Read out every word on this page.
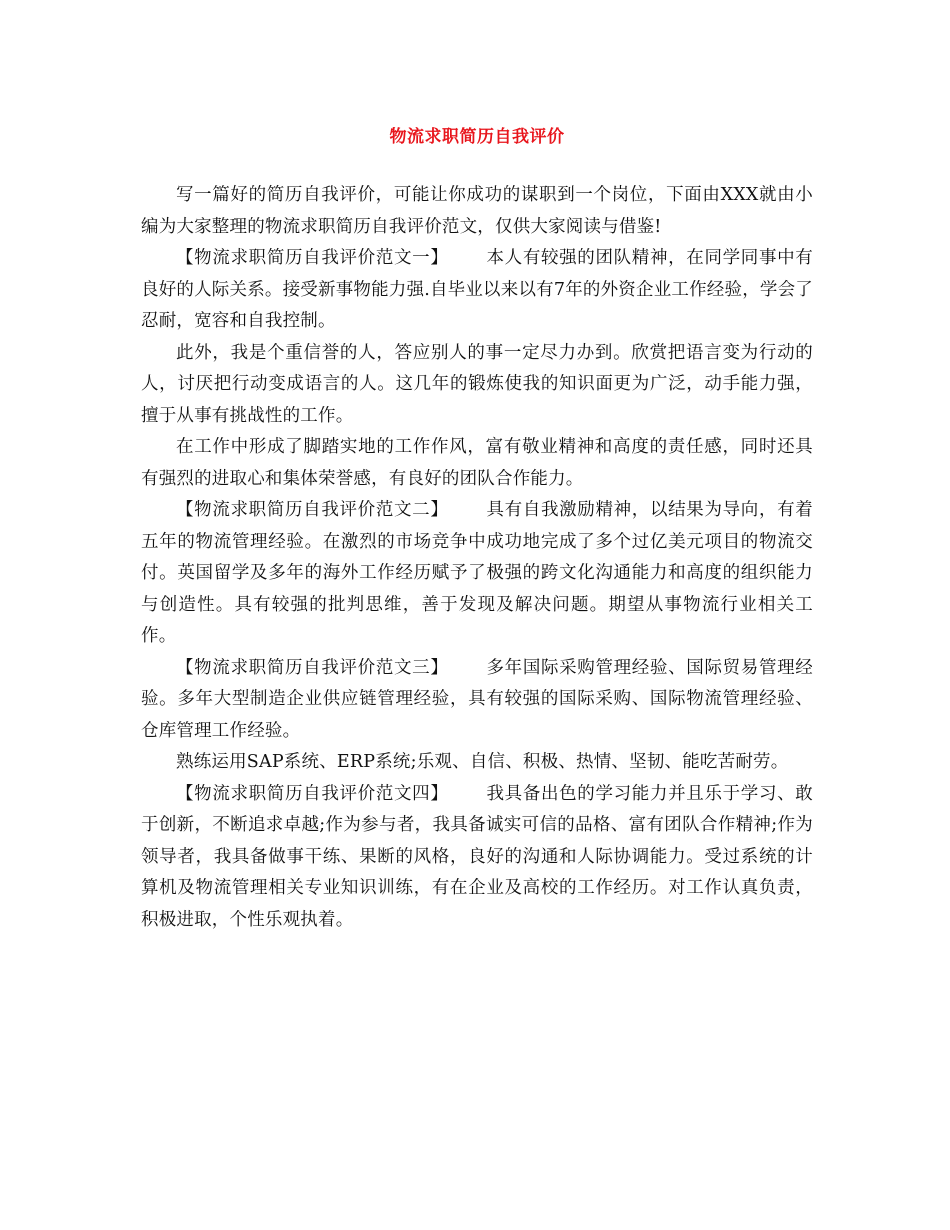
物流求职简历自我评价

写一篇好的简历自我评价，可能让你成功的谋职到一个岗位，下面由XXX就由小编为大家整理的物流求职简历自我评价范文，仅供大家阅读与借鉴!

【物流求职简历自我评价范文一】 本人有较强的团队精神，在同学同事中有良好的人际关系。接受新事物能力强.自毕业以来以有7年的外资企业工作经验，学会了忍耐，宽容和自我控制。

此外，我是个重信誉的人，答应别人的事一定尽力办到。欣赏把语言变为行动的人，讨厌把行动变成语言的人。这几年的锻炼使我的知识面更为广泛，动手能力强，擅于从事有挑战性的工作。

在工作中形成了脚踏实地的工作作风，富有敬业精神和高度的责任感，同时还具有强烈的进取心和集体荣誉感，有良好的团队合作能力。

【物流求职简历自我评价范文二】 具有自我激励精神，以结果为导向，有着五年的物流管理经验。在激烈的市场竞争中成功地完成了多个过亿美元项目的物流交付。英国留学及多年的海外工作经历赋予了极强的跨文化沟通能力和高度的组织能力与创造性。具有较强的批判思维，善于发现及解决问题。期望从事物流行业相关工作。

【物流求职简历自我评价范文三】 多年国际采购管理经验、国际贸易管理经验。多年大型制造企业供应链管理经验，具有较强的国际采购、国际物流管理经验、仓库管理工作经验。

熟练运用SAP系统、ERP系统;乐观、自信、积极、热情、坚韧、能吃苦耐劳。

【物流求职简历自我评价范文四】 我具备出色的学习能力并且乐于学习、敢于创新，不断追求卓越;作为参与者，我具备诚实可信的品格、富有团队合作精神;作为领导者，我具备做事干练、果断的风格，良好的沟通和人际协调能力。受过系统的计算机及物流管理相关专业知识训练，有在企业及高校的工作经历。对工作认真负责，积极进取，个性乐观执着。
